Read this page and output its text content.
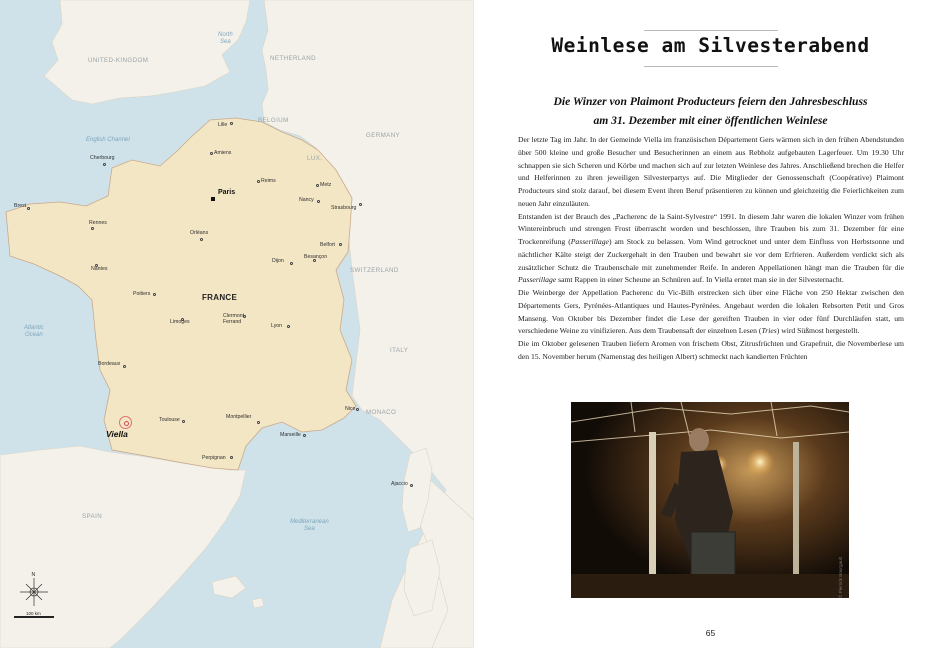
N
UNITED-KINGDOM	NETHERLAND
BELGIUM
GERMANY
LUX.
SWITZERLAND
ITALY
MONACO
SPAIN
FRANCE
North
Sea
English Channel
Atlantic
Ocean
Mediterranean
Sea
Lille
Amiens
Cherbourg
Paris
Reims
Metz
Nancy
Strasbourg
Brest
Rennes
Orléans
Belfort
Besançon
Dijon
Nantes
Poitiers
Limoges
Clermont-
Ferrand
Lyon
Bordeaux
Nice
Toulouse	Montpellier
Marseille
Perpignan
Ajaccio
Viella
100 km
Weinlese am Silvesterabend
Die Winzer von Plaimont Producteurs feiern den Jahresbeschluss
am 31. Dezember mit einer öffentlichen Weinlese

Der letzte Tag im Jahr. In der Gemeinde Viella im französischen Département Gers wärmen sich in den frühen Abendstunden über 500 kleine und große Besucher und Besucherinnen an einem aus Rebholz aufgebauten Lagerfeuer. Um 19.30 Uhr schnappen sie sich Scheren und Körbe und machen sich auf zur letzten Weinlese des Jahres. Anschließend brechen die Helfer und Helferinnen zu ihren jeweiligen Silvesterpartys auf. Die Mitglieder der Genossenschaft (Coopérative) Plaimont Producteurs sind stolz darauf, bei diesem Event ihren Beruf präsentieren zu können und gleichzeitig die Feierlichkeiten zum neuen Jahr einzuläuten.

Entstanden ist der Brauch des „Pacherenc de la Saint-Sylvestre“ 1991. In diesem Jahr waren die lokalen Winzer vom frühen Wintereinbruch und strengen Frost überrascht worden und beschlossen, ihre Trauben bis zum 31. Dezember für eine Trockenreifung (Passerillage) am Stock zu belassen. Vom Wind getrocknet und unter dem Einfluss von Herbstsonne und nächtlicher Kälte steigt der Zuckergehalt in den Trauben und bewahrt sie vor dem Erfrieren. Außerdem verdickt sich als zusätzlicher Schutz die Traubenschale mit zunehmender Reife. In anderen Appellationen hängt man die Trauben für die Passerillage samt Rappen in einer Scheune an Schnüren auf. In Viella erntet man sie in der Silvesternacht.

Die Weinberge der Appellation Pacherenc du Vic-Bilh erstrecken sich über eine Fläche von 250 Hektar zwischen den Départements Gers, Pyrénées-Atlantiques und Hautes-Pyrénées. Angebaut werden die lokalen Rebsorten Petit und Gros Manseng. Von Oktober bis Dezember findet die Lese der gereiften Trauben in vier oder fünf Durchläufen statt, um verschiedene Weine zu vinifizieren. Aus dem Traubensaft der einzelnen Lesen (Tries) wird Süßmost hergestellt.

Die im Oktober gelesenen Trauben liefern Aromen von frischem Obst, Zitrusfrüchten und Grapefruit, die Novemberlese um den 15. November herum (Namenstag des heiligen Albert) schmeckt nach kandierten Früchten

© Pierrick Bourgault
65
